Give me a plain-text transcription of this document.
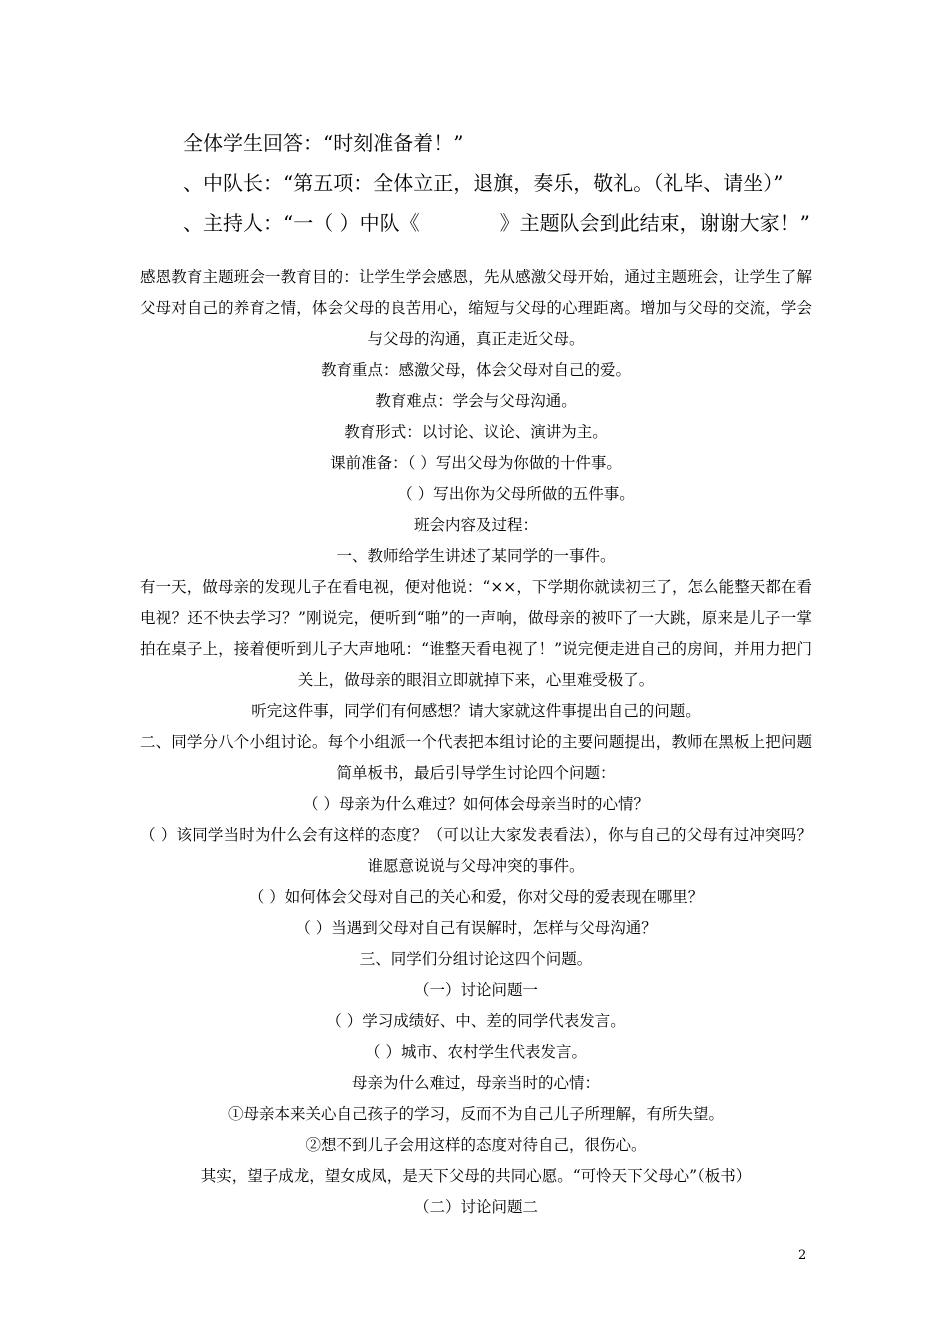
全体学生回答：“时刻准备着！”
、中队长：“第五项：全体立正，退旗，奏乐，敬礼。（礼毕、请坐）”
、主持人：“一（ ）中队《　　　　》主题队会到此结束，谢谢大家！”

感恩教育主题班会一教育目的：让学生学会感恩，先从感激父母开始，通过主题班会，让学生了解父母对自己的养育之情，体会父母的良苦用心，缩短与父母的心理距离。增加与父母的交流，学会与父母的沟通，真正走近父母。

教育重点：感激父母，体会父母对自己的爱。

教育难点：学会与父母沟通。

教育形式：以讨论、议论、演讲为主。

课前准备：（ ）写出父母为你做的十件事。

（ ）写出你为父母所做的五件事。

班会内容及过程：

一、教师给学生讲述了某同学的一事件。

有一天，做母亲的发现儿子在看电视，便对他说：“××，下学期你就读初三了，怎么能整天都在看电视？还不快去学习？”刚说完，便听到“啪”的一声响，做母亲的被吓了一大跳，原来是儿子一掌拍在桌子上，接着便听到儿子大声地吼：“谁整天看电视了！”说完便走进自己的房间，并用力把门关上，做母亲的眼泪立即就掉下来，心里难受极了。

听完这件事，同学们有何感想？请大家就这件事提出自己的问题。

二、同学分八个小组讨论。每个小组派一个代表把本组讨论的主要问题提出，教师在黑板上把问题简单板书，最后引导学生讨论四个问题：

（ ）母亲为什么难过？如何体会母亲当时的心情？

（ ）该同学当时为什么会有这样的态度？（可以让大家发表看法），你与自己的父母有过冲突吗？谁愿意说说与父母冲突的事件。

（ ）如何体会父母对自己的关心和爱，你对父母的爱表现在哪里？

（ ）当遇到父母对自己有误解时，怎样与父母沟通？

三、同学们分组讨论这四个问题。

（一）讨论问题一

（ ）学习成绩好、中、差的同学代表发言。

（ ）城市、农村学生代表发言。

母亲为什么难过，母亲当时的心情：

①母亲本来关心自己孩子的学习，反而不为自己儿子所理解，有所失望。

②想不到儿子会用这样的态度对待自己，很伤心。

其实，望子成龙，望女成凤，是天下父母的共同心愿。“可怜天下父母心”（板书）

（二）讨论问题二

2
